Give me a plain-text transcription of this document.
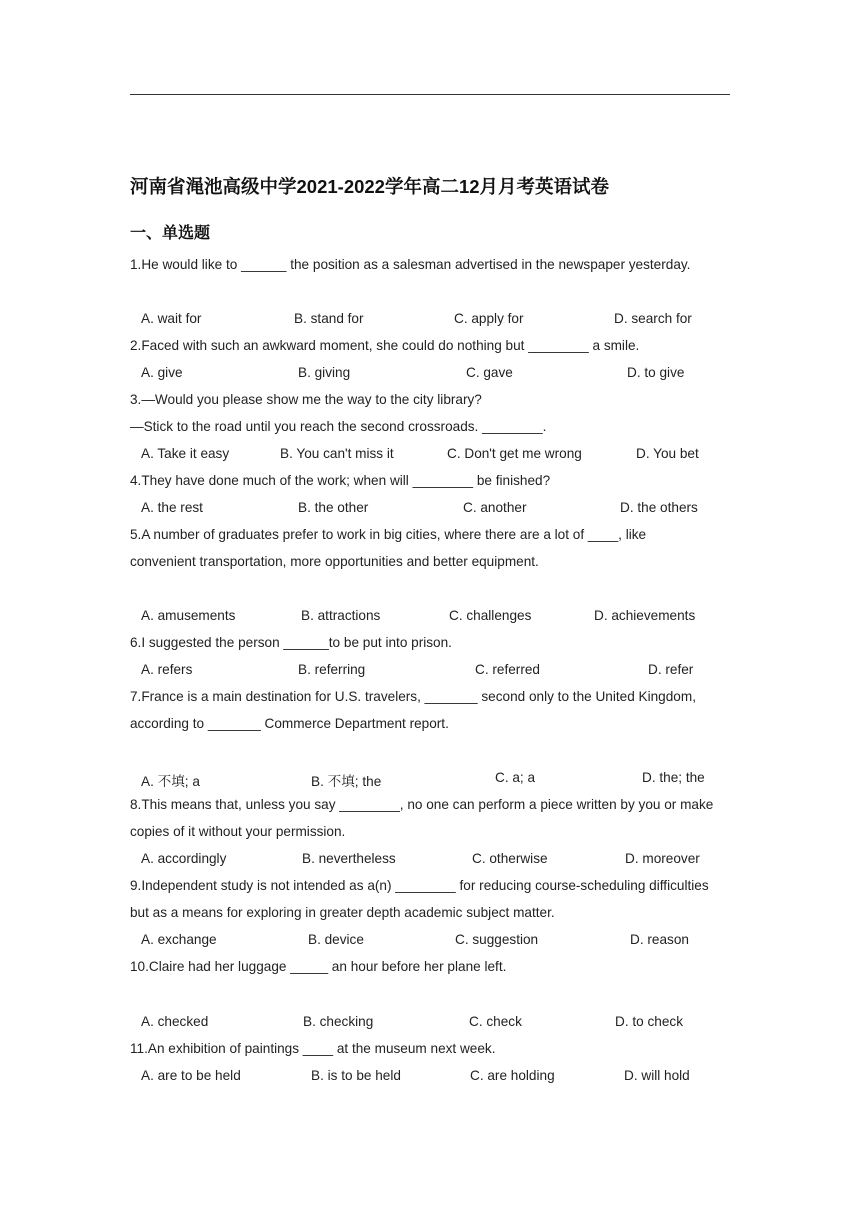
河南省渑池高级中学2021-2022学年高二12月月考英语试卷
一、单选题
1.He would like to ______ the position as a salesman advertised in the newspaper yesterday.
A. wait for	B. stand for	C. apply for	D. search for
2.Faced with such an awkward moment, she could do nothing but ________ a smile.
A. give	B. giving	C. gave	D. to give
3.—Would you please show me the way to the city library?
—Stick to the road until you reach the second crossroads. ________.
A. Take it easy	B. You can't miss it	C. Don't get me wrong	D. You bet
4.They have done much of the work; when will ________ be finished?
A. the rest	B. the other	C. another	D. the others
5.A number of graduates prefer to work in big cities, where there are a lot of ____, like
convenient transportation, more opportunities and better equipment.
A. amusements	B. attractions	C. challenges	D. achievements
6.I suggested the person ______to be put into prison.
A. refers	B. referring	C. referred	D. refer
7.France is a main destination for U.S. travelers, _______ second only to the United Kingdom,
according to _______ Commerce Department report.
A. 不填; a	B. 不填; the	C. a; a	D. the; the
8.This means that, unless you say ________, no one can perform a piece written by you or make
copies of it without your permission.
A. accordingly	B. nevertheless	C. otherwise	D. moreover
9.Independent study is not intended as a(n) ________ for reducing course-scheduling difficulties
but as a means for exploring in greater depth academic subject matter.
A. exchange	B. device	C. suggestion	D. reason
10.Claire had her luggage _____ an hour before her plane left.
A. checked	B. checking	C. check	D. to check
11.An exhibition of paintings ____ at the museum next week.
A. are to be held	B. is to be held	C. are holding	D. will hold
